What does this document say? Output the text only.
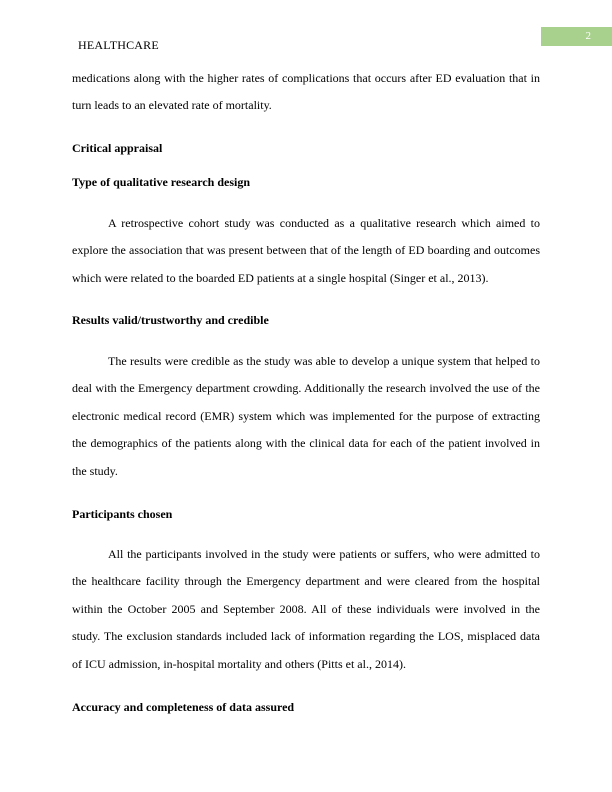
HEALTHCARE
2

medications along with the higher rates of complications that occurs after ED evaluation that in turn leads to an elevated rate of mortality.

Critical appraisal

Type of qualitative research design

A retrospective cohort study was conducted as a qualitative research which aimed to explore the association that was present between that of the length of ED boarding and outcomes which were related to the boarded ED patients at a single hospital (Singer et al., 2013).

Results valid/trustworthy and credible

The results were credible as the study was able to develop a unique system that helped to deal with the Emergency department crowding. Additionally the research involved the use of the electronic medical record (EMR) system which was implemented for the purpose of extracting the demographics of the patients along with the clinical data for each of the patient involved in the study.

Participants chosen

All the participants involved in the study were patients or suffers, who were admitted to the healthcare facility through the Emergency department and were cleared from the hospital within the October 2005 and September 2008. All of these individuals were involved in the study. The exclusion standards included lack of information regarding the LOS, misplaced data of ICU admission, in-hospital mortality and others (Pitts et al., 2014).

Accuracy and completeness of data assured
